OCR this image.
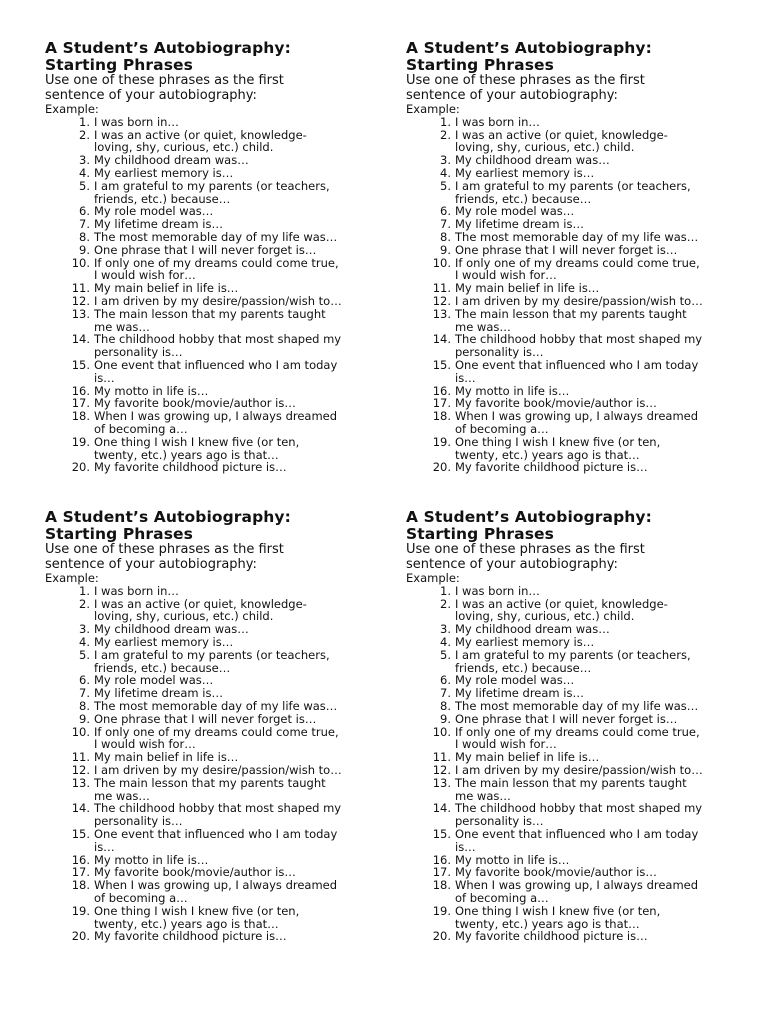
A Student’s Autobiography:
Starting Phrases
Use one of these phrases as the first
sentence of your autobiography:
Example:
1. I was born in…
2. I was an active (or quiet, knowledge-
loving, shy, curious, etc.) child.
3. My childhood dream was…
4. My earliest memory is…
5. I am grateful to my parents (or teachers,
friends, etc.) because…
6. My role model was…
7. My lifetime dream is…
8. The most memorable day of my life was…
9. One phrase that I will never forget is…
10. If only one of my dreams could come true,
I would wish for…
11. My main belief in life is…
12. I am driven by my desire/passion/wish to…
13. The main lesson that my parents taught
me was…
14. The childhood hobby that most shaped my
personality is…
15. One event that influenced who I am today
is…
16. My motto in life is…
17. My favorite book/movie/author is…
18. When I was growing up, I always dreamed
of becoming a…
19. One thing I wish I knew five (or ten,
twenty, etc.) years ago is that…
20. My favorite childhood picture is…
A Student’s Autobiography:
Starting Phrases
Use one of these phrases as the first
sentence of your autobiography:
Example:
1. I was born in…
2. I was an active (or quiet, knowledge-
loving, shy, curious, etc.) child.
3. My childhood dream was…
4. My earliest memory is…
5. I am grateful to my parents (or teachers,
friends, etc.) because…
6. My role model was…
7. My lifetime dream is…
8. The most memorable day of my life was…
9. One phrase that I will never forget is…
10. If only one of my dreams could come true,
I would wish for…
11. My main belief in life is…
12. I am driven by my desire/passion/wish to…
13. The main lesson that my parents taught
me was…
14. The childhood hobby that most shaped my
personality is…
15. One event that influenced who I am today
is…
16. My motto in life is…
17. My favorite book/movie/author is…
18. When I was growing up, I always dreamed
of becoming a…
19. One thing I wish I knew five (or ten,
twenty, etc.) years ago is that…
20. My favorite childhood picture is…
A Student’s Autobiography:
Starting Phrases
Use one of these phrases as the first
sentence of your autobiography:
Example:
1. I was born in…
2. I was an active (or quiet, knowledge-
loving, shy, curious, etc.) child.
3. My childhood dream was…
4. My earliest memory is…
5. I am grateful to my parents (or teachers,
friends, etc.) because…
6. My role model was…
7. My lifetime dream is…
8. The most memorable day of my life was…
9. One phrase that I will never forget is…
10. If only one of my dreams could come true,
I would wish for…
11. My main belief in life is…
12. I am driven by my desire/passion/wish to…
13. The main lesson that my parents taught
me was…
14. The childhood hobby that most shaped my
personality is…
15. One event that influenced who I am today
is…
16. My motto in life is…
17. My favorite book/movie/author is…
18. When I was growing up, I always dreamed
of becoming a…
19. One thing I wish I knew five (or ten,
twenty, etc.) years ago is that…
20. My favorite childhood picture is…
A Student’s Autobiography:
Starting Phrases
Use one of these phrases as the first
sentence of your autobiography:
Example:
1. I was born in…
2. I was an active (or quiet, knowledge-
loving, shy, curious, etc.) child.
3. My childhood dream was…
4. My earliest memory is…
5. I am grateful to my parents (or teachers,
friends, etc.) because…
6. My role model was…
7. My lifetime dream is…
8. The most memorable day of my life was…
9. One phrase that I will never forget is…
10. If only one of my dreams could come true,
I would wish for…
11. My main belief in life is…
12. I am driven by my desire/passion/wish to…
13. The main lesson that my parents taught
me was…
14. The childhood hobby that most shaped my
personality is…
15. One event that influenced who I am today
is…
16. My motto in life is…
17. My favorite book/movie/author is…
18. When I was growing up, I always dreamed
of becoming a…
19. One thing I wish I knew five (or ten,
twenty, etc.) years ago is that…
20. My favorite childhood picture is…
